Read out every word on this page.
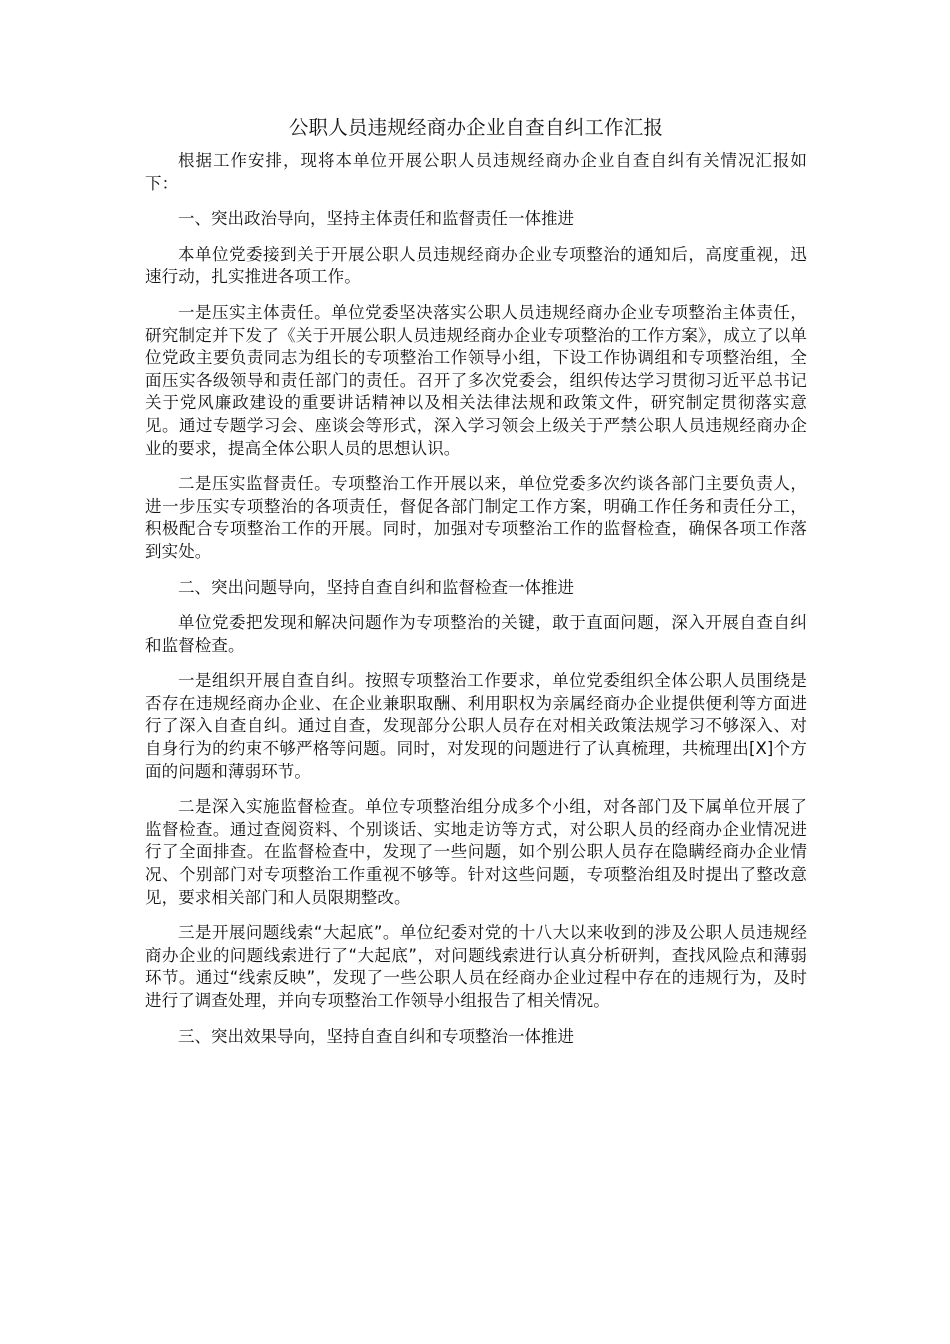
公职人员违规经商办企业自查自纠工作汇报

根据工作安排，现将本单位开展公职人员违规经商办企业自查自纠有关情况汇报如下：

一、突出政治导向，坚持主体责任和监督责任一体推进

本单位党委接到关于开展公职人员违规经商办企业专项整治的通知后，高度重视，迅速行动，扎实推进各项工作。

一是压实主体责任。单位党委坚决落实公职人员违规经商办企业专项整治主体责任，研究制定并下发了《关于开展公职人员违规经商办企业专项整治的工作方案》，成立了以单位党政主要负责同志为组长的专项整治工作领导小组，下设工作协调组和专项整治组，全面压实各级领导和责任部门的责任。召开了多次党委会，组织传达学习贯彻习近平总书记关于党风廉政建设的重要讲话精神以及相关法律法规和政策文件，研究制定贯彻落实意见。通过专题学习会、座谈会等形式，深入学习领会上级关于严禁公职人员违规经商办企业的要求，提高全体公职人员的思想认识。

二是压实监督责任。专项整治工作开展以来，单位党委多次约谈各部门主要负责人，进一步压实专项整治的各项责任，督促各部门制定工作方案，明确工作任务和责任分工，积极配合专项整治工作的开展。同时，加强对专项整治工作的监督检查，确保各项工作落到实处。

二、突出问题导向，坚持自查自纠和监督检查一体推进

单位党委把发现和解决问题作为专项整治的关键，敢于直面问题，深入开展自查自纠和监督检查。

一是组织开展自查自纠。按照专项整治工作要求，单位党委组织全体公职人员围绕是否存在违规经商办企业、在企业兼职取酬、利用职权为亲属经商办企业提供便利等方面进行了深入自查自纠。通过自查，发现部分公职人员存在对相关政策法规学习不够深入、对自身行为的约束不够严格等问题。同时，对发现的问题进行了认真梳理，共梳理出[X]个方面的问题和薄弱环节。

二是深入实施监督检查。单位专项整治组分成多个小组，对各部门及下属单位开展了监督检查。通过查阅资料、个别谈话、实地走访等方式，对公职人员的经商办企业情况进行了全面排查。在监督检查中，发现了一些问题，如个别公职人员存在隐瞒经商办企业情况、个别部门对专项整治工作重视不够等。针对这些问题，专项整治组及时提出了整改意见，要求相关部门和人员限期整改。

三是开展问题线索“大起底”。单位纪委对党的十八大以来收到的涉及公职人员违规经商办企业的问题线索进行了“大起底”，对问题线索进行认真分析研判，查找风险点和薄弱环节。通过“线索反映”，发现了一些公职人员在经商办企业过程中存在的违规行为，及时进行了调查处理，并向专项整治工作领导小组报告了相关情况。

三、突出效果导向，坚持自查自纠和专项整治一体推进
